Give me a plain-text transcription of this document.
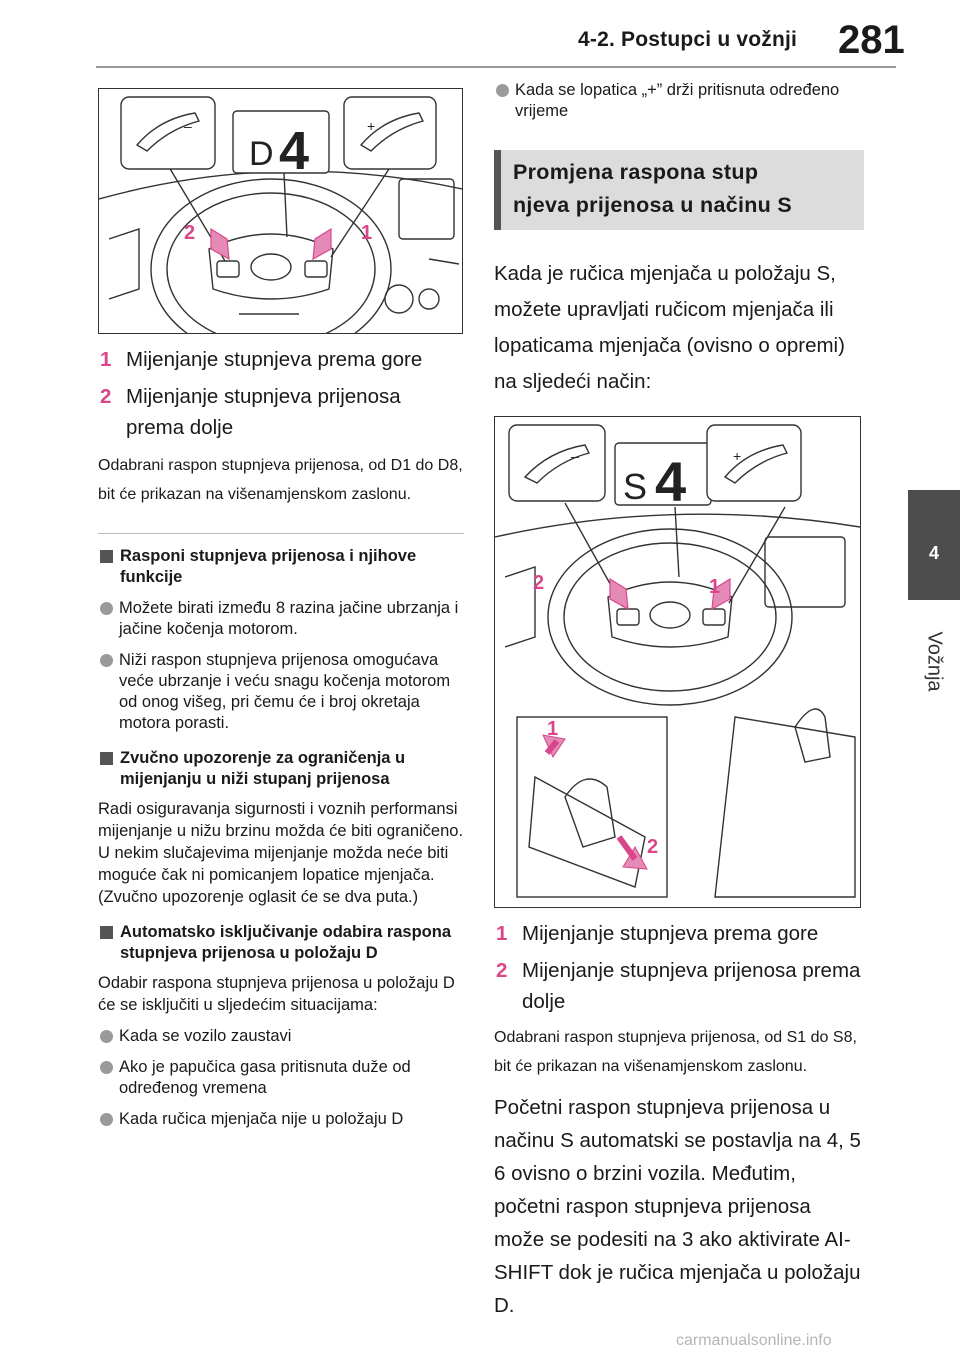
4-2. Postupci u vožnji 281
4
Vožnja
D 4
–	+
2	1
1 Mijenjanje stupnjeva prema gore
2 Mijenjanje stupnjeva prijenosa prema dolje
Odabrani raspon stupnjeva prijenosa, od D1 do D8, bit će prikazan na višenamjenskom zaslonu.
Rasponi stupnjeva prijenosa i njihove funkcije
Možete birati između 8 razina jačine ubrzanja i jačine kočenja motorom.
Niži raspon stupnjeva prijenosa omogućava veće ubrzanje i veću snagu kočenja motorom od onog višeg, pri čemu će i broj okretaja motora porasti.
Zvučno upozorenje za ograničenja u mijenjanju u niži stupanj prijenosa
Radi osiguravanja sigurnosti i voznih performansi mijenjanje u nižu brzinu možda će biti ograničeno. U nekim slučajevima mijenjanje možda neće biti moguće čak ni pomicanjem lopatice mjenjača. (Zvučno upozorenje oglasit će se dva puta.)
Automatsko isključivanje odabira raspona stupnjeva prijenosa u položaju D
Odabir raspona stupnjeva prijenosa u položaju D će se isključiti u sljedećim situacijama:
Kada se vozilo zaustavi
Ako je papučica gasa pritisnuta duže od određenog vremena
Kada ručica mjenjača nije u položaju D
Kada se lopatica „+” drži pritisnuta određeno vrijeme
Promjena raspona stup
njeva prijenosa u načinu S
Kada je ručica mjenjača u položaju S, možete upravljati ručicom mjenjača ili lopaticama mjenjača (ovisno o opremi) na sljedeći način:
S 4
–	+
2	1
1
2
1 Mijenjanje stupnjeva prema gore
2 Mijenjanje stupnjeva prijenosa prema dolje
Odabrani raspon stupnjeva prijenosa, od S1 do S8, bit će prikazan na višenamjenskom zaslonu.
Početni raspon stupnjeva prijenosa u načinu S automatski se postavlja na 4, 5 6 ovisno o brzini vozila. Međutim, početni raspon stupnjeva prijenosa može se podesiti na 3 ako aktivirate AI-SHIFT dok je ručica mjenjača u položaju D.
carmanualsonline.info
